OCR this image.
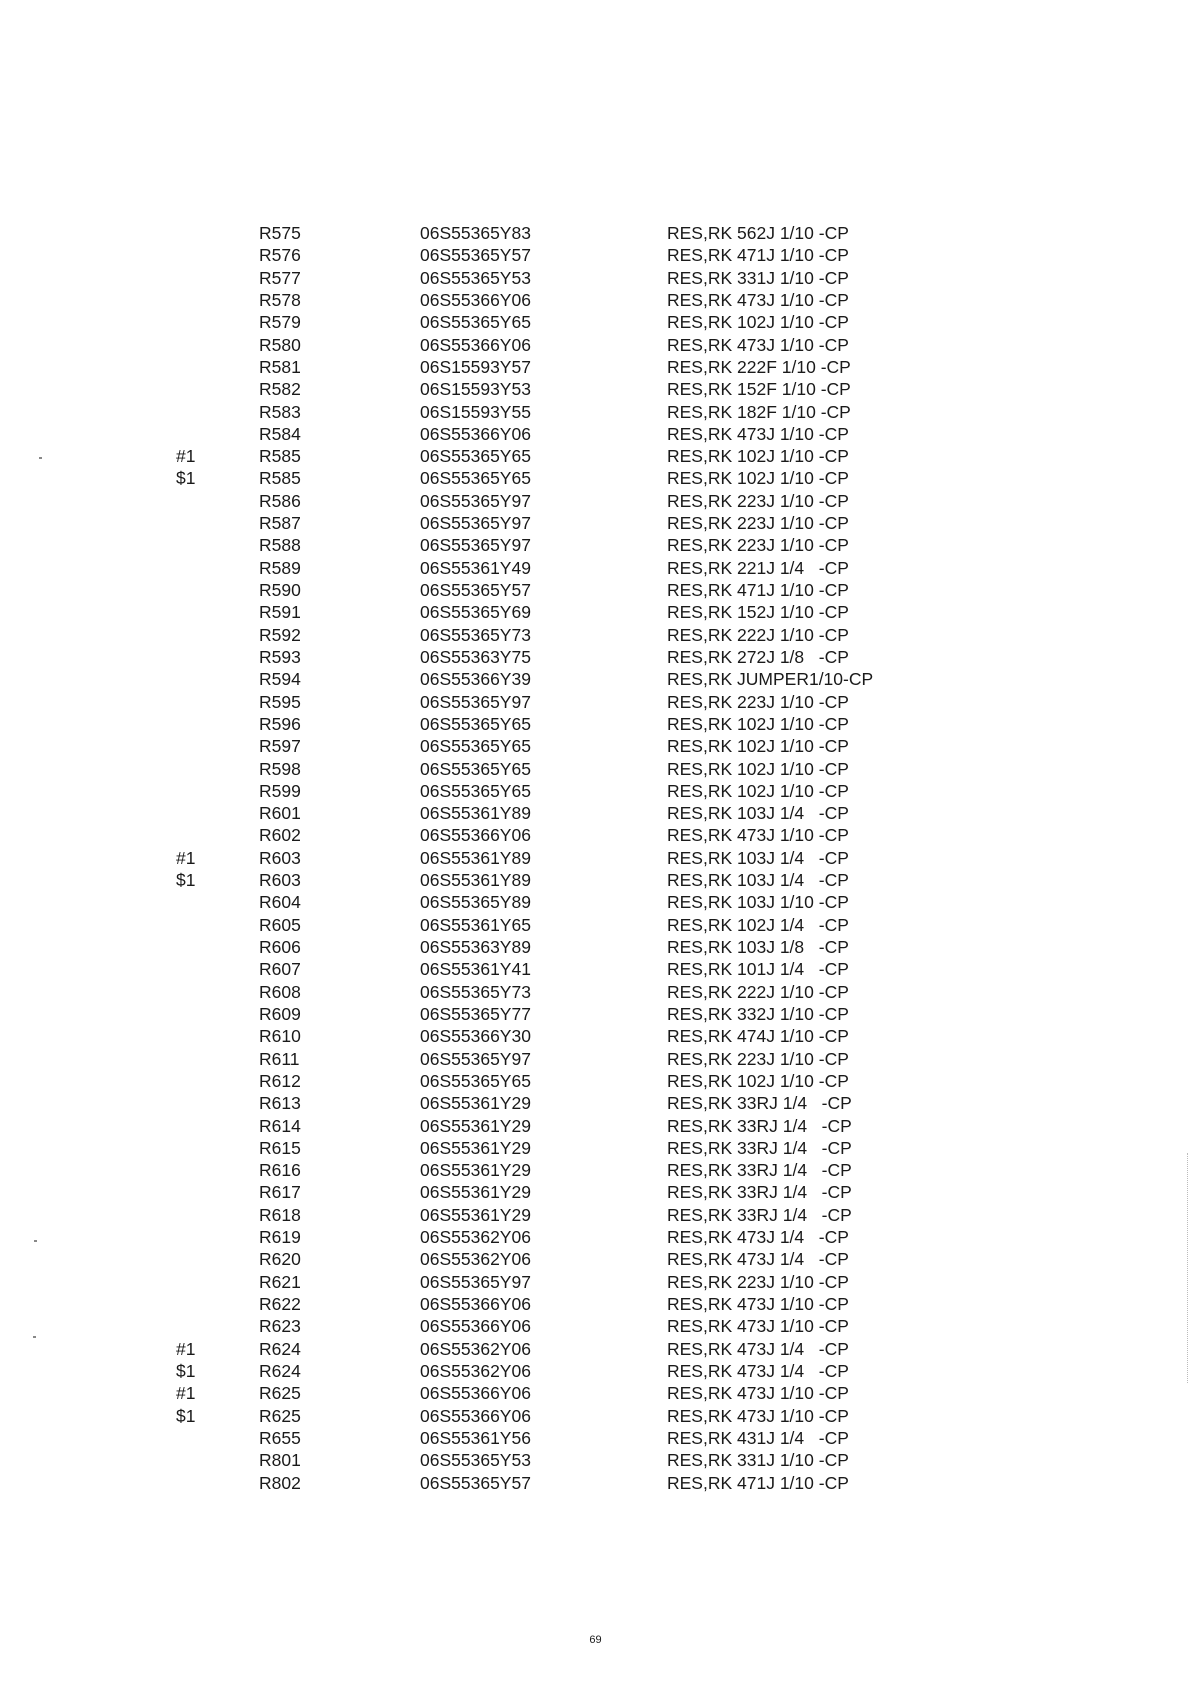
R575	06S55365Y83	RES,RK 562J 1/10 -CP
R576	06S55365Y57	RES,RK 471J 1/10 -CP
R577	06S55365Y53	RES,RK 331J 1/10 -CP
R578	06S55366Y06	RES,RK 473J 1/10 -CP
R579	06S55365Y65	RES,RK 102J 1/10 -CP
R580	06S55366Y06	RES,RK 473J 1/10 -CP
R581	06S15593Y57	RES,RK 222F 1/10 -CP
R582	06S15593Y53	RES,RK 152F 1/10 -CP
R583	06S15593Y55	RES,RK 182F 1/10 -CP
R584	06S55366Y06	RES,RK 473J 1/10 -CP
#1	R585	06S55365Y65	RES,RK 102J 1/10 -CP
$1	R585	06S55365Y65	RES,RK 102J 1/10 -CP
R586	06S55365Y97	RES,RK 223J 1/10 -CP
R587	06S55365Y97	RES,RK 223J 1/10 -CP
R588	06S55365Y97	RES,RK 223J 1/10 -CP
R589	06S55361Y49	RES,RK 221J 1/4   -CP
R590	06S55365Y57	RES,RK 471J 1/10 -CP
R591	06S55365Y69	RES,RK 152J 1/10 -CP
R592	06S55365Y73	RES,RK 222J 1/10 -CP
R593	06S55363Y75	RES,RK 272J 1/8   -CP
R594	06S55366Y39	RES,RK JUMPER1/10-CP
R595	06S55365Y97	RES,RK 223J 1/10 -CP
R596	06S55365Y65	RES,RK 102J 1/10 -CP
R597	06S55365Y65	RES,RK 102J 1/10 -CP
R598	06S55365Y65	RES,RK 102J 1/10 -CP
R599	06S55365Y65	RES,RK 102J 1/10 -CP
R601	06S55361Y89	RES,RK 103J 1/4   -CP
R602	06S55366Y06	RES,RK 473J 1/10 -CP
#1	R603	06S55361Y89	RES,RK 103J 1/4   -CP
$1	R603	06S55361Y89	RES,RK 103J 1/4   -CP
R604	06S55365Y89	RES,RK 103J 1/10 -CP
R605	06S55361Y65	RES,RK 102J 1/4   -CP
R606	06S55363Y89	RES,RK 103J 1/8   -CP
R607	06S55361Y41	RES,RK 101J 1/4   -CP
R608	06S55365Y73	RES,RK 222J 1/10 -CP
R609	06S55365Y77	RES,RK 332J 1/10 -CP
R610	06S55366Y30	RES,RK 474J 1/10 -CP
R611	06S55365Y97	RES,RK 223J 1/10 -CP
R612	06S55365Y65	RES,RK 102J 1/10 -CP
R613	06S55361Y29	RES,RK 33RJ 1/4   -CP
R614	06S55361Y29	RES,RK 33RJ 1/4   -CP
R615	06S55361Y29	RES,RK 33RJ 1/4   -CP
R616	06S55361Y29	RES,RK 33RJ 1/4   -CP
R617	06S55361Y29	RES,RK 33RJ 1/4   -CP
R618	06S55361Y29	RES,RK 33RJ 1/4   -CP
R619	06S55362Y06	RES,RK 473J 1/4   -CP
R620	06S55362Y06	RES,RK 473J 1/4   -CP
R621	06S55365Y97	RES,RK 223J 1/10 -CP
R622	06S55366Y06	RES,RK 473J 1/10 -CP
R623	06S55366Y06	RES,RK 473J 1/10 -CP
#1	R624	06S55362Y06	RES,RK 473J 1/4   -CP
$1	R624	06S55362Y06	RES,RK 473J 1/4   -CP
#1	R625	06S55366Y06	RES,RK 473J 1/10 -CP
$1	R625	06S55366Y06	RES,RK 473J 1/10 -CP
R655	06S55361Y56	RES,RK 431J 1/4   -CP
R801	06S55365Y53	RES,RK 331J 1/10 -CP
R802	06S55365Y57	RES,RK 471J 1/10 -CP
69
